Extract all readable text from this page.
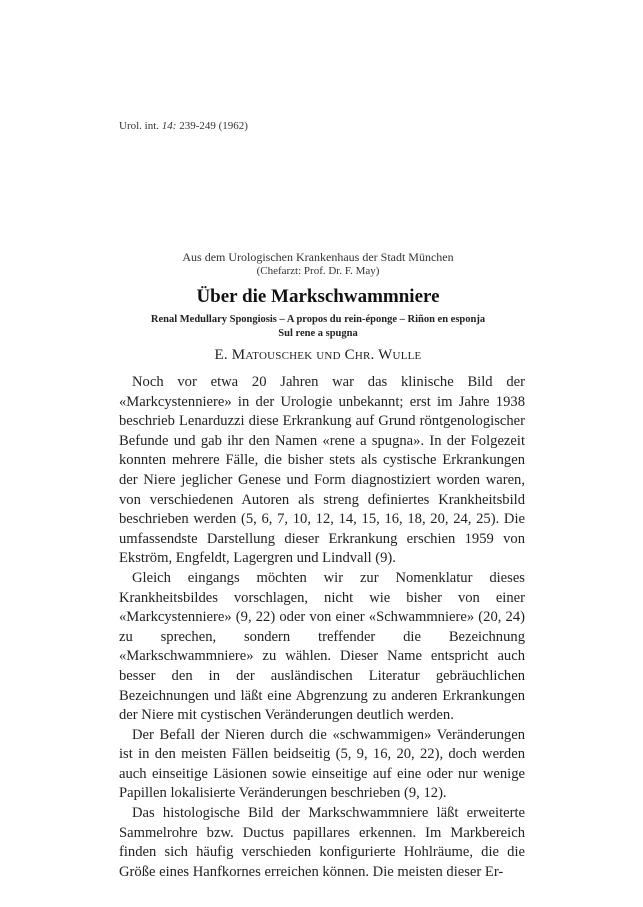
Urol. int. 14: 239-249 (1962)
Aus dem Urologischen Krankenhaus der Stadt München
(Chefarzt: Prof. Dr. F. May)
Über die Markschwammniere
Renal Medullary Spongiosis – A propos du rein-éponge – Riñon en esponja
Sul rene a spugna
E. Matouschek und Chr. Wulle

Noch vor etwa 20 Jahren war das klinische Bild der «Markcystenniere» in der Urologie unbekannt; erst im Jahre 1938 beschrieb Lenarduzzi diese Erkrankung auf Grund röntgenologischer Befunde und gab ihr den Namen «rene a spugna». In der Folgezeit konnten mehrere Fälle, die bisher stets als cystische Erkrankungen der Niere jeglicher Genese und Form diagnostiziert worden waren, von verschiedenen Autoren als streng definiertes Krankheitsbild beschrieben werden (5, 6, 7, 10, 12, 14, 15, 16, 18, 20, 24, 25). Die umfassendste Darstellung dieser Erkrankung erschien 1959 von Ekström, Engfeldt, Lagergren und Lindvall (9).

Gleich eingangs möchten wir zur Nomenklatur dieses Krankheitsbildes vorschlagen, nicht wie bisher von einer «Markcystenniere» (9, 22) oder von einer «Schwammniere» (20, 24) zu sprechen, sondern treffender die Bezeichnung «Markschwammniere» zu wählen. Dieser Name entspricht auch besser den in der ausländischen Literatur gebräuchlichen Bezeichnungen und läßt eine Abgrenzung zu anderen Erkrankungen der Niere mit cystischen Veränderungen deutlich werden.

Der Befall der Nieren durch die «schwammigen» Veränderungen ist in den meisten Fällen beidseitig (5, 9, 16, 20, 22), doch werden auch einseitige Läsionen sowie einseitige auf eine oder nur wenige Papillen lokalisierte Veränderungen beschrieben (9, 12).

Das histologische Bild der Markschwammniere läßt erweiterte Sammelrohre bzw. Ductus papillares erkennen. Im Markbereich finden sich häufig verschieden konfigurierte Hohlräume, die die Größe eines Hanfkornes erreichen können. Die meisten dieser Er-
